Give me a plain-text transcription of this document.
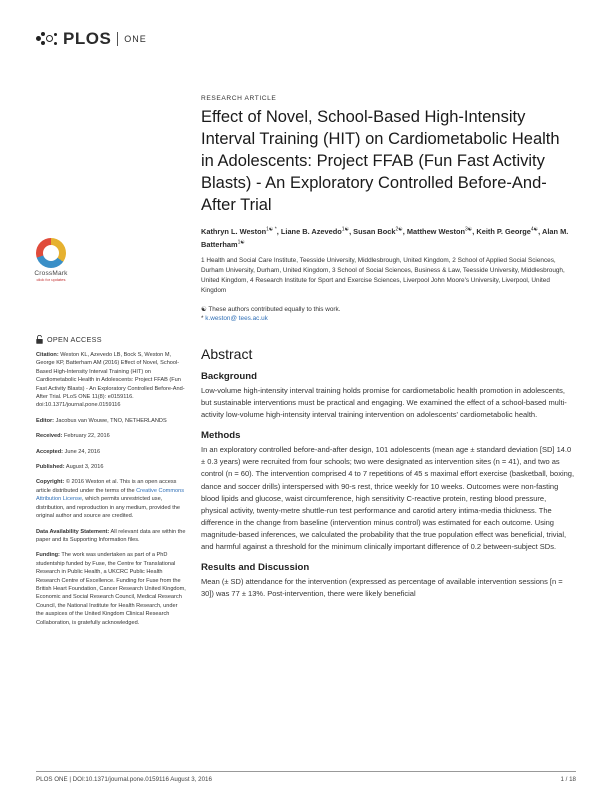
PLOS ONE
CrossMark
click for updates
OPEN ACCESS

Citation: Weston KL, Azevedo LB, Bock S, Weston M, George KP, Batterham AM (2016) Effect of Novel, School-Based High-Intensity Interval Training (HIT) on Cardiometabolic Health in Adolescents: Project FFAB (Fun Fast Activity Blasts) - An Exploratory Controlled Before-And-After Trial. PLoS ONE 11(8): e0159116. doi:10.1371/journal.pone.0159116

Editor: Jacobus van Wouwe, TNO, NETHERLANDS

Received: February 22, 2016

Accepted: June 24, 2016

Published: August 3, 2016

Copyright: © 2016 Weston et al. This is an open access article distributed under the terms of the Creative Commons Attribution License, which permits unrestricted use, distribution, and reproduction in any medium, provided the original author and source are credited.

Data Availability Statement: All relevant data are within the paper and its Supporting Information files.

Funding: The work was undertaken as part of a PhD studentship funded by Fuse, the Centre for Translational Research in Public Health, a UKCRC Public Health Research Centre of Excellence. Funding for Fuse from the British Heart Foundation, Cancer Research United Kingdom, Economic and Social Research Council, Medical Research Council, the National Institute for Health Research, under the auspices of the United Kingdom Clinical Research Collaboration, is gratefully acknowledged.

RESEARCH ARTICLE
Effect of Novel, School-Based High-Intensity Interval Training (HIT) on Cardiometabolic Health in Adolescents: Project FFAB (Fun Fast Activity Blasts) - An Exploratory Controlled Before-And-After Trial
Kathryn L. Weston$^{1☯ *}$, Liane B. Azevedo$^{1☯}$, Susan Bock$^{2☯}$, Matthew Weston$^{3☯}$, Keith P. George$^{4☯}$, Alan M. Batterham$^{1☯}$
1 Health and Social Care Institute, Teesside University, Middlesbrough, United Kingdom, 2 School of Applied Social Sciences, Durham University, Durham, United Kingdom, 3 School of Social Sciences, Business & Law, Teesside University, Middlesbrough, United Kingdom, 4 Research Institute for Sport and Exercise Sciences, Liverpool John Moore's University, Liverpool, United Kingdom
☯ These authors contributed equally to this work.
* k.weston@ tees.ac.uk
Abstract
Background
Low-volume high-intensity interval training holds promise for cardiometabolic health promotion in adolescents, but sustainable interventions must be practical and engaging. We examined the effect of a school-based multi-activity low-volume high-intensity interval training intervention on adolescents' cardiometabolic health.
Methods
In an exploratory controlled before-and-after design, 101 adolescents (mean age ± standard deviation [SD] 14.0 ± 0.3 years) were recruited from four schools; two were designated as intervention sites (n = 41), and two as control (n = 60). The intervention comprised 4 to 7 repetitions of 45 s maximal effort exercise (basketball, boxing, dance and soccer drills) interspersed with 90-s rest, thrice weekly for 10 weeks. Outcomes were non-fasting blood lipids and glucose, waist circumference, high sensitivity C-reactive protein, resting blood pressure, physical activity, twenty-metre shuttle-run test performance and carotid artery intima-media thickness. The difference in the change from baseline (intervention minus control) was estimated for each outcome. Using magnitude-based inferences, we calculated the probability that the true population effect was beneficial, trivial, and harmful against a threshold for the minimum clinically important difference of 0.2 between-subject SDs.
Results and Discussion
Mean (± SD) attendance for the intervention (expressed as percentage of available intervention sessions [n = 30]) was 77 ± 13%. Post-intervention, there were likely beneficial
PLOS ONE | DOI:10.1371/journal.pone.0159116 August 3, 2016	1 / 18
